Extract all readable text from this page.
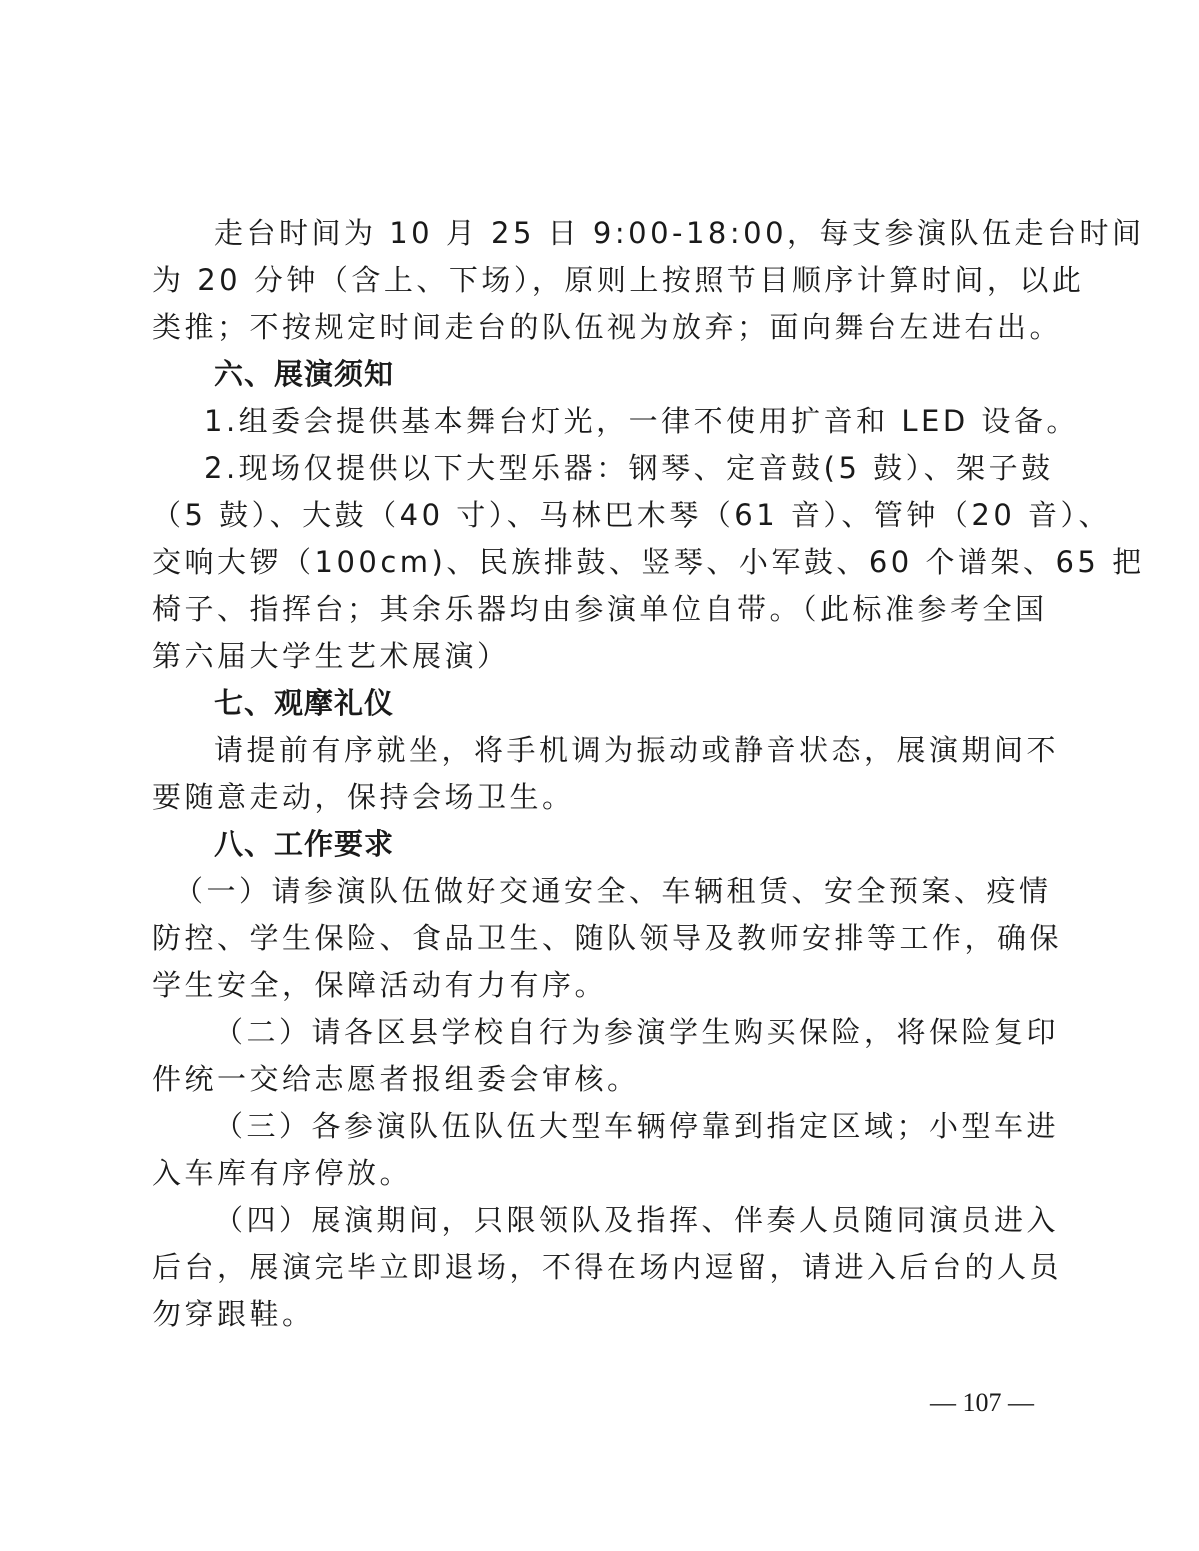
走台时间为 10 月 25 日 9:00-18:00，每支参演队伍走台时间
为 20 分钟（含上、下场），原则上按照节目顺序计算时间，以此
类推；不按规定时间走台的队伍视为放弃；面向舞台左进右出。
六、展演须知
1.组委会提供基本舞台灯光，一律不使用扩音和 LED 设备。
2.现场仅提供以下大型乐器：钢琴、定音鼓(5 鼓）、架子鼓
（5 鼓）、大鼓（40 寸）、马林巴木琴（61 音）、管钟（20 音）、
交响大锣（100cm)、民族排鼓、竖琴、小军鼓、60 个谱架、65 把
椅子、指挥台；其余乐器均由参演单位自带。（此标准参考全国
第六届大学生艺术展演）
七、观摩礼仪
请提前有序就坐，将手机调为振动或静音状态，展演期间不
要随意走动，保持会场卫生。
八、工作要求
（一）请参演队伍做好交通安全、车辆租赁、安全预案、疫情
防控、学生保险、食品卫生、随队领导及教师安排等工作，确保
学生安全，保障活动有力有序。
（二）请各区县学校自行为参演学生购买保险，将保险复印
件统一交给志愿者报组委会审核。
（三）各参演队伍队伍大型车辆停靠到指定区域；小型车进
入车库有序停放。
（四）展演期间，只限领队及指挥、伴奏人员随同演员进入
后台，展演完毕立即退场，不得在场内逗留，请进入后台的人员
勿穿跟鞋。
— 107 —
